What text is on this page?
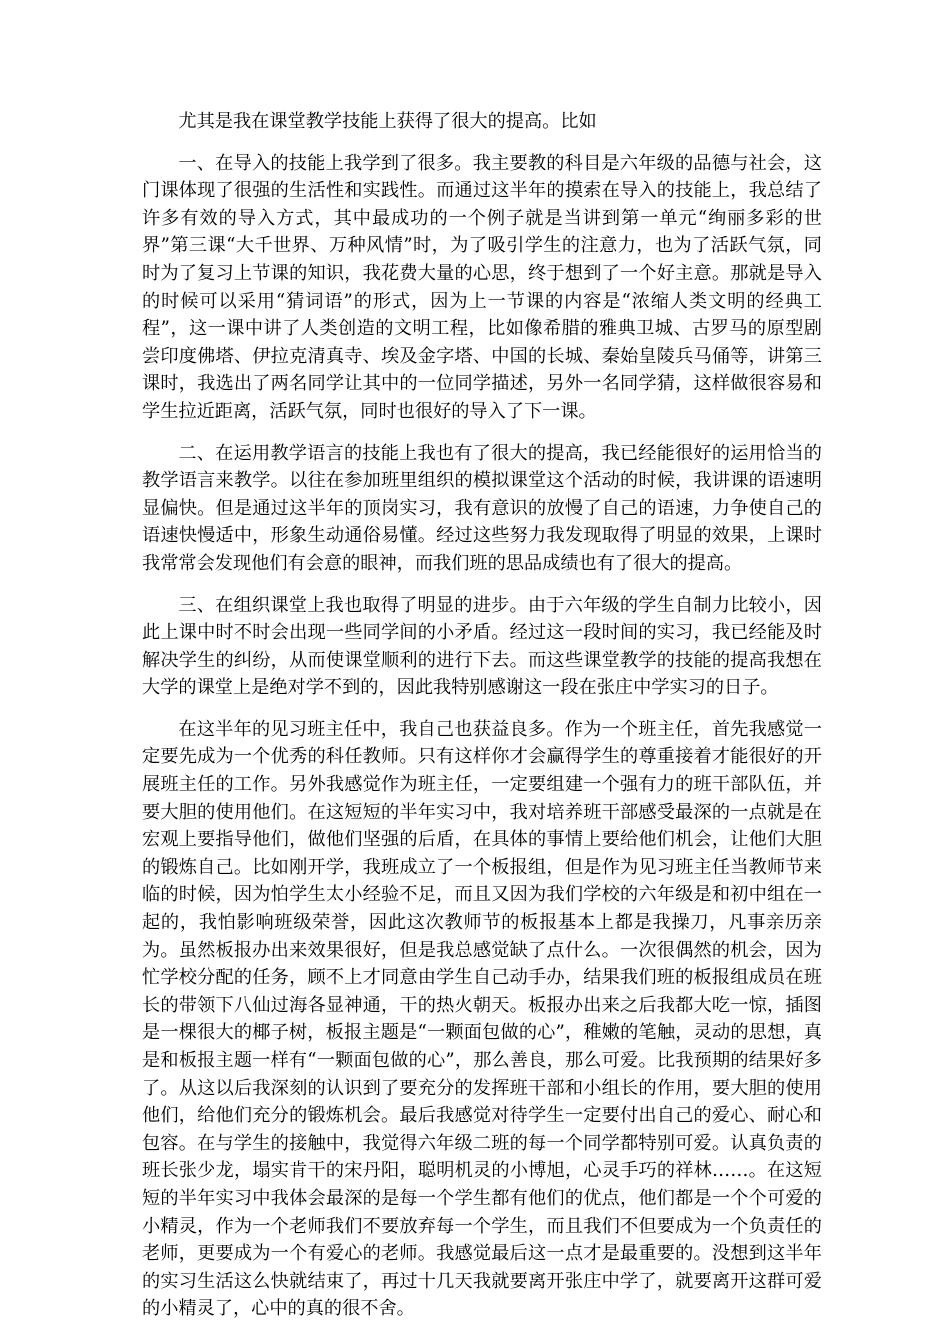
尤其是我在课堂教学技能上获得了很大的提高。比如

一、在导入的技能上我学到了很多。我主要教的科目是六年级的品德与社会，这门课体现了很强的生活性和实践性。而通过这半年的摸索在导入的技能上，我总结了许多有效的导入方式，其中最成功的一个例子就是当讲到第一单元“绚丽多彩的世界”第三课“大千世界、万种风情”时，为了吸引学生的注意力，也为了活跃气氛，同时为了复习上节课的知识，我花费大量的心思，终于想到了一个好主意。那就是导入的时候可以采用“猜词语”的形式，因为上一节课的内容是“浓缩人类文明的经典工程”，这一课中讲了人类创造的文明工程，比如像希腊的雅典卫城、古罗马的原型剧尝印度佛塔、伊拉克清真寺、埃及金字塔、中国的长城、秦始皇陵兵马俑等，讲第三课时，我选出了两名同学让其中的一位同学描述，另外一名同学猜，这样做很容易和学生拉近距离，活跃气氛，同时也很好的导入了下一课。

二、在运用教学语言的技能上我也有了很大的提高，我已经能很好的运用恰当的教学语言来教学。以往在参加班里组织的模拟课堂这个活动的时候，我讲课的语速明显偏快。但是通过这半年的顶岗实习，我有意识的放慢了自己的语速，力争使自己的语速快慢适中，形象生动通俗易懂。经过这些努力我发现取得了明显的效果，上课时我常常会发现他们有会意的眼神，而我们班的思品成绩也有了很大的提高。

三、在组织课堂上我也取得了明显的进步。由于六年级的学生自制力比较小，因此上课中时不时会出现一些同学间的小矛盾。经过这一段时间的实习，我已经能及时解决学生的纠纷，从而使课堂顺利的进行下去。而这些课堂教学的技能的提高我想在大学的课堂上是绝对学不到的，因此我特别感谢这一段在张庄中学实习的日子。

在这半年的见习班主任中，我自己也获益良多。作为一个班主任，首先我感觉一定要先成为一个优秀的科任教师。只有这样你才会赢得学生的尊重接着才能很好的开展班主任的工作。另外我感觉作为班主任，一定要组建一个强有力的班干部队伍，并要大胆的使用他们。在这短短的半年实习中，我对培养班干部感受最深的一点就是在宏观上要指导他们，做他们坚强的后盾，在具体的事情上要给他们机会，让他们大胆的锻炼自己。比如刚开学，我班成立了一个板报组，但是作为见习班主任当教师节来临的时候，因为怕学生太小经验不足，而且又因为我们学校的六年级是和初中组在一起的，我怕影响班级荣誉，因此这次教师节的板报基本上都是我操刀，凡事亲历亲为。虽然板报办出来效果很好，但是我总感觉缺了点什么。一次很偶然的机会，因为忙学校分配的任务，顾不上才同意由学生自己动手办，结果我们班的板报组成员在班长的带领下八仙过海各显神通，干的热火朝天。板报办出来之后我都大吃一惊，插图是一棵很大的椰子树，板报主题是“一颗面包做的心”，稚嫩的笔触，灵动的思想，真是和板报主题一样有“一颗面包做的心”，那么善良，那么可爱。比我预期的结果好多了。从这以后我深刻的认识到了要充分的发挥班干部和小组长的作用，要大胆的使用他们，给他们充分的锻炼机会。最后我感觉对待学生一定要付出自己的爱心、耐心和包容。在与学生的接触中，我觉得六年级二班的每一个同学都特别可爱。认真负责的班长张少龙，塌实肯干的宋丹阳，聪明机灵的小博旭，心灵手巧的祥林……。在这短短的半年实习中我体会最深的是每一个学生都有他们的优点，他们都是一个个可爱的小精灵，作为一个老师我们不要放弃每一个学生，而且我们不但要成为一个负责任的老师，更要成为一个有爱心的老师。我感觉最后这一点才是最重要的。没想到这半年的实习生活这么快就结束了，再过十几天我就要离开张庄中学了，就要离开这群可爱的小精灵了，心中的真的很不舍。
